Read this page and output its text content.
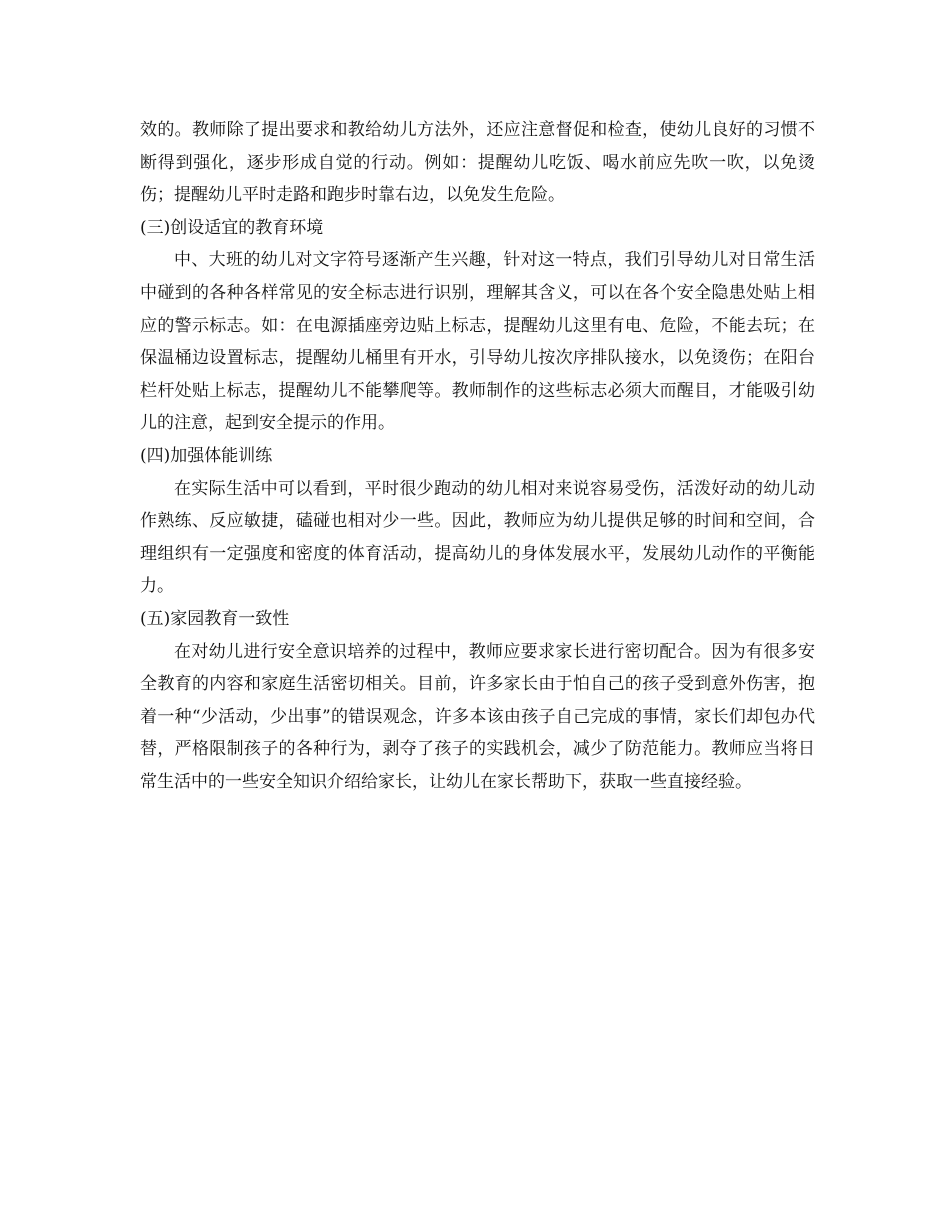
效的。教师除了提出要求和教给幼儿方法外，还应注意督促和检查，使幼儿良好的习惯不断得到强化，逐步形成自觉的行动。例如：提醒幼儿吃饭、喝水前应先吹一吹，以免烫伤；提醒幼儿平时走路和跑步时靠右边，以免发生危险。

(三)创设适宜的教育环境

中、大班的幼儿对文字符号逐渐产生兴趣，针对这一特点，我们引导幼儿对日常生活中碰到的各种各样常见的安全标志进行识别，理解其含义，可以在各个安全隐患处贴上相应的警示标志。如：在电源插座旁边贴上标志，提醒幼儿这里有电、危险，不能去玩；在保温桶边设置标志，提醒幼儿桶里有开水，引导幼儿按次序排队接水，以免烫伤；在阳台栏杆处贴上标志，提醒幼儿不能攀爬等。教师制作的这些标志必须大而醒目，才能吸引幼儿的注意，起到安全提示的作用。

(四)加强体能训练

在实际生活中可以看到，平时很少跑动的幼儿相对来说容易受伤，活泼好动的幼儿动作熟练、反应敏捷，磕碰也相对少一些。因此，教师应为幼儿提供足够的时间和空间，合理组织有一定强度和密度的体育活动，提高幼儿的身体发展水平，发展幼儿动作的平衡能力。

(五)家园教育一致性

在对幼儿进行安全意识培养的过程中，教师应要求家长进行密切配合。因为有很多安全教育的内容和家庭生活密切相关。目前，许多家长由于怕自己的孩子受到意外伤害，抱着一种“少活动，少出事”的错误观念，许多本该由孩子自己完成的事情，家长们却包办代替，严格限制孩子的各种行为，剥夺了孩子的实践机会，减少了防范能力。教师应当将日常生活中的一些安全知识介绍给家长，让幼儿在家长帮助下，获取一些直接经验。
